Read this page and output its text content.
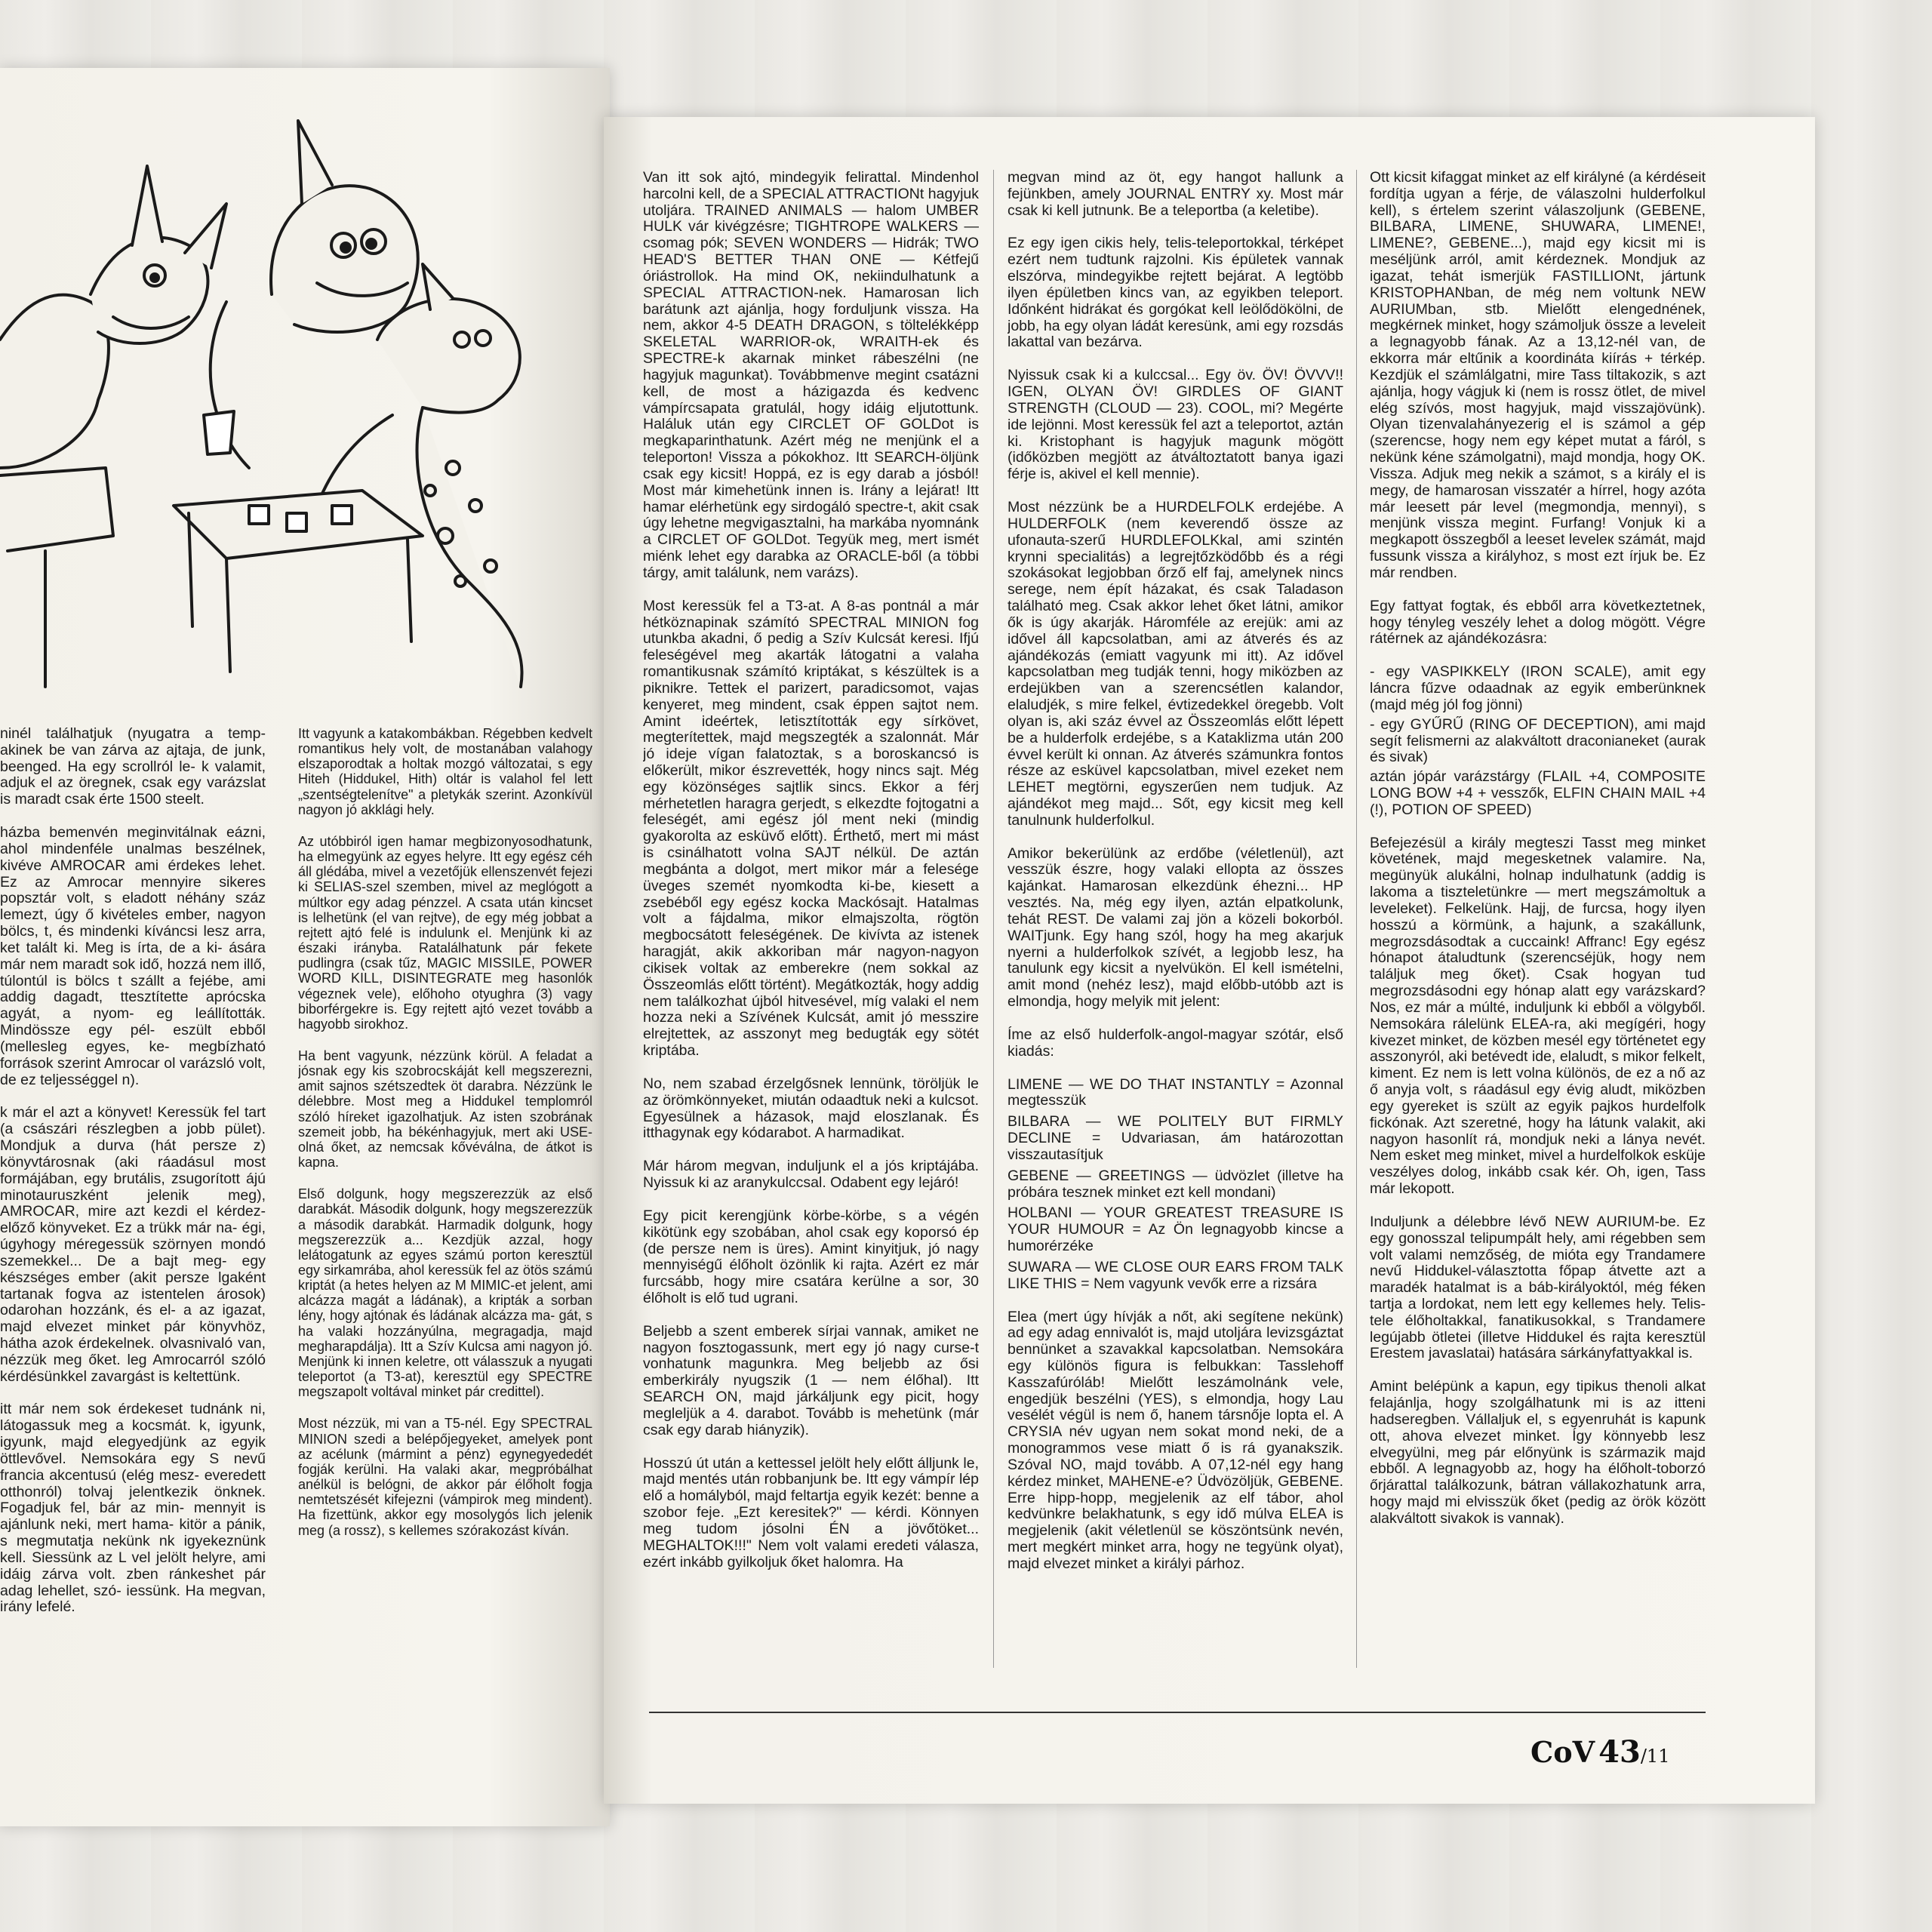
ninél találhatjuk (nyugatra a temp- akinek be van zárva az ajtaja, de junk, beenged. Ha egy scrollról le- k valamit, adjuk el az öregnek, csak egy varázslat is maradt csak érte 1500 steelt.

házba bemenvén meginvitálnak eázni, ahol mindenféle unalmas beszélnek, kivéve AMROCAR ami érdekes lehet. Ez az Amrocar mennyire sikeres popsztár volt, s eladott néhány száz lemezt, úgy ő kivételes ember, nagyon bölcs, t, és mindenki kíváncsi lesz arra, ket talált ki. Meg is írta, de a ki- ására már nem maradt sok idő, hozzá nem illő, túlontúl is bölcs t szállt a fejébe, ami addig dagadt, ttesztítette aprócska agyát, a nyom- eg leállították. Mindössze egy pél- eszült ebből (mellesleg egyes, ke- megbízható források szerint Amrocar ol varázsló volt, de ez teljességgel n).

k már el azt a könyvet! Keressük fel tart (a császári részlegben a jobb pület). Mondjuk a durva (hát persze z) könyvtárosnak (aki ráadásul most formájában, egy brutális, zsugorított ájú minotauruszként jelenik meg), AMROCAR, mire azt kezdi el kérdez- előző könyveket. Ez a trükk már na- égi, úgyhogy méregessük szörnyen mondó szemekkel... De a bajt meg- egy készséges ember (akit persze lgaként tartanak fogva az istentelen árosok) odarohan hozzánk, és el- a az igazat, majd elvezet minket pár könyvhöz, hátha azok érdekelnek. olvasnivaló van, nézzük meg őket. leg Amrocarról szóló kérdésünkkel zavargást is keltettünk.

itt már nem sok érdekeset tudnánk ni, látogassuk meg a kocsmát. k, igyunk, igyunk, majd elegyedjünk az egyik öttlevővel. Nemsokára egy S nevű francia akcentusú (elég mesz- everedett otthonról) tolvaj jelentkezik önknek. Fogadjuk fel, bár az min- mennyit is ajánlunk neki, mert hama- kitör a pánik, s megmutatja nekünk nk igyekeznünk kell. Siessünk az L vel jelölt helyre, ami idáig zárva volt. zben ránkeshet pár adag lehellet, szó- iessünk. Ha megvan, irány lefelé.

Itt vagyunk a katakombákban. Régebben kedvelt romantikus hely volt, de mostanában valahogy elszaporodtak a holtak mozgó változatai, s egy Hiteh (Hiddukel, Hith) oltár is valahol fel lett „szentségtelenítve" a pletykák szerint. Azonkívül nagyon jó akklági hely.

Az utóbbiról igen hamar megbizonyosodhatunk, ha elmegyünk az egyes helyre. Itt egy egész céh áll glédába, mivel a vezetőjük ellenszenvét fejezi ki SELIAS-szel szemben, mivel az meglógott a múltkor egy adag pénzzel. A csata után kincset is lelhetünk (el van rejtve), de egy még jobbat a rejtett ajtó felé is indulunk el. Menjünk ki az északi irányba. Ratalálhatunk pár fekete pudlingra (csak tűz, MAGIC MISSILE, POWER WORD KILL, DISINTEGRATE meg hasonlók végeznek vele), előhoho otyughra (3) vagy biborférgekre is. Egy rejtett ajtó vezet tovább a hagyobb sirokhoz.

Ha bent vagyunk, nézzünk körül. A feladat a jósnak egy kis szobrocskáját kell megszerezni, amit sajnos szétszedtek öt darabra. Nézzünk le délebbre. Most meg a Hiddukel templomról szóló híreket igazolhatjuk. Az isten szobrának szemeit jobb, ha békénhagyjuk, mert aki USE-olná őket, az nemcsak kővéválna, de átkot is kapna.

Első dolgunk, hogy megszerezzük az első darabkát. Második dolgunk, hogy megszerezzük a második darabkát. Harmadik dolgunk, hogy megszerezzük a... Kezdjük azzal, hogy lelátogatunk az egyes számú porton keresztül egy sirkamrába, ahol keressük fel az ötös számú kriptát (a hetes helyen az M MIMIC-et jelent, ami alcázza magát a ládának), a kripták a sorban lény, hogy ajtónak és ládának alcázza ma- gát, s ha valaki hozzányúlna, megragadja, majd megharapdálja). Itt a Szív Kulcsa ami nagyon jó. Menjünk ki innen keletre, ott válasszuk a nyugati teleportot (a T3-at), keresztül egy SPECTRE megszapolt voltával minket pár credittel).

Most nézzük, mi van a T5-nél. Egy SPECTRAL MINION szedi a belépőjegyeket, amelyek pont az acélunk (mármint a pénz) egynegyededét fogják kerülni. Ha valaki akar, megpróbálhat anélkül is belógni, de akkor pár élőholt fogja nemtetszését kifejezni (vámpirok meg mindent). Ha fizettünk, akkor egy mosolygós lich jelenik meg (a rossz), s kellemes szórakozást kíván.

Van itt sok ajtó, mindegyik felirattal. Mindenhol harcolni kell, de a SPECIAL ATTRACTIONt hagyjuk utoljára. TRAINED ANIMALS — halom UMBER HULK vár kivégzésre; TIGHTROPE WALKERS — csomag pók; SEVEN WONDERS — Hidrák; TWO HEAD'S BETTER THAN ONE — Kétfejű óriástrollok. Ha mind OK, nekiindulhatunk a SPECIAL ATTRACTION-nek. Hamarosan lich barátunk azt ajánlja, hogy forduljunk vissza. Ha nem, akkor 4-5 DEATH DRAGON, s töltelékképp SKELETAL WARRIOR-ok, WRAITH-ek és SPECTRE-k akarnak minket rábeszélni (ne hagyjuk magunkat). Továbbmenve megint csatázni kell, de most a házigazda és kedvenc vámpírcsapata gratulál, hogy idáig eljutottunk. Haláluk után egy CIRCLET OF GOLDot is megkaparinthatunk. Azért még ne menjünk el a teleporton! Vissza a pókokhoz. Itt SEARCH-öljünk csak egy kicsit! Hoppá, ez is egy darab a jósból! Most már kimehetünk innen is. Irány a lejárat! Itt hamar elérhetünk egy sirdogáló spectre-t, akit csak úgy lehetne megvigasztalni, ha markába nyomnánk a CIRCLET OF GOLDot. Tegyük meg, mert ismét miénk lehet egy darabka az ORACLE-ből (a többi tárgy, amit találunk, nem varázs).

Most keressük fel a T3-at. A 8-as pontnál a már hétköznapinak számító SPECTRAL MINION fog utunkba akadni, ő pedig a Szív Kulcsát keresi. Ifjú feleségével meg akarták látogatni a valaha romantikusnak számító kriptákat, s készültek is a piknikre. Tettek el parizert, paradicsomot, vajas kenyeret, meg mindent, csak éppen sajtot nem. Amint ideértek, letisztították egy sírkövet, megterítettek, majd megszegték a szalonnát. Már jó ideje vígan falatoztak, s a boroskancsó is előkerült, mikor észrevették, hogy nincs sajt. Még egy közönséges sajtlik sincs. Ekkor a férj mérhetetlen haragra gerjedt, s elkezdte fojtogatni a feleségét, ami egész jól ment neki (mindig gyakorolta az esküvő előtt). Érthető, mert mi mást is csinálhatott volna SAJT nélkül. De aztán megbánta a dolgot, mert mikor már a felesége üveges szemét nyomkodta ki-be, kiesett a zsebéből egy egész kocka Mackósajt. Hatalmas volt a fájdalma, mikor elmajszolta, rögtön megbocsátott feleségének. De kivívta az istenek haragját, akik akkoriban már nagyon-nagyon cikisek voltak az emberekre (nem sokkal az Összeomlás előtt történt). Megátkozták, hogy addig nem találkozhat újból hitvesével, míg valaki el nem hozza neki a Szívének Kulcsát, amit jó messzire elrejtettek, az asszonyt meg bedugták egy sötét kriptába.

No, nem szabad érzelgősnek lennünk, töröljük le az örömkönnyeket, miután odaadtuk neki a kulcsot. Egyesülnek a házasok, majd eloszlanak. És itthagynak egy kódarabot. A harmadikat.

Már három megvan, induljunk el a jós kriptájába. Nyissuk ki az aranykulccsal. Odabent egy lejáró!

Egy picit kerengjünk körbe-körbe, s a végén kikötünk egy szobában, ahol csak egy koporsó ép (de persze nem is üres). Amint kinyitjuk, jó nagy mennyiségű élőholt özönlik ki rajta. Azért ez már furcsább, hogy mire csatára kerülne a sor, 30 élőholt is elő tud ugrani.

Beljebb a szent emberek sírjai vannak, amiket ne nagyon fosztogassunk, mert egy jó nagy curse-t vonhatunk magunkra. Meg beljebb az ősi emberkirály nyugszik (1 — nem élőhal). Itt SEARCH ON, majd járkáljunk egy picit, hogy megleljük a 4. darabot. Tovább is mehetünk (már csak egy darab hiányzik).

Hosszú út után a kettessel jelölt hely előtt álljunk le, majd mentés után robbanjunk be. Itt egy vámpír lép elő a homályból, majd feltartja egyik kezét: benne a szobor feje. „Ezt keresitek?" — kérdi. Könnyen meg tudom jósolni ÉN a jövőtöket... MEGHALTOK!!!" Nem volt valami eredeti válasza, ezért inkább gyilkoljuk őket halomra. Ha

megvan mind az öt, egy hangot hallunk a fejünkben, amely JOURNAL ENTRY xy. Most már csak ki kell jutnunk. Be a teleportba (a keletibe).

Ez egy igen cikis hely, telis-teleportokkal, térképet ezért nem tudtunk rajzolni. Kis épületek vannak elszórva, mindegyikbe rejtett bejárat. A legtöbb ilyen épületben kincs van, az egyikben teleport. Időnként hidrákat és gorgókat kell leölődökölni, de jobb, ha egy olyan ládát keresünk, ami egy rozsdás lakattal van bezárva.

Nyissuk csak ki a kulccsal... Egy öv. ÖV! ÖVVV!! IGEN, OLYAN ÖV! GIRDLES OF GIANT STRENGTH (CLOUD — 23). COOL, mi? Megérte ide lejönni. Most keressük fel azt a teleportot, aztán ki. Kristophant is hagyjuk magunk mögött (időközben megjött az átváltoztatott banya igazi férje is, akivel el kell mennie).

Most nézzünk be a HURDELFOLK erdejébe. A HULDERFOLK (nem keverendő össze az ufonauta-szerű HURDLEFOLKkal, ami szintén krynni specialitás) a legrejtőzködőbb és a régi szokásokat legjobban őrző elf faj, amelynek nincs serege, nem épít házakat, és csak Taladason található meg. Csak akkor lehet őket látni, amikor ők is úgy akarják. Háromféle az erejük: ami az idővel áll kapcsolatban, ami az átverés és az ajándékozás (emiatt vagyunk mi itt). Az idővel kapcsolatban meg tudják tenni, hogy miközben az erdejükben van a szerencsétlen kalandor, elaludjék, s mire felkel, évtizedekkel öregebb. Volt olyan is, aki száz évvel az Összeomlás előtt lépett be a hulderfolk erdejébe, s a Kataklizma után 200 évvel került ki onnan. Az átverés számunkra fontos része az esküvel kapcsolatban, mivel ezeket nem LEHET megtörni, egyszerűen nem tudjuk. Az ajándékot meg majd... Sőt, egy kicsit meg kell tanulnunk hulderfolkul.

Amikor bekerülünk az erdőbe (véletlenül), azt vesszük észre, hogy valaki ellopta az összes kajánkat. Hamarosan elkezdünk éhezni... HP vesztés. Na, még egy ilyen, aztán elpatkolunk, tehát REST. De valami zaj jön a közeli bokorból. WAITjunk. Egy hang szól, hogy ha meg akarjuk nyerni a hulderfolkok szívét, a legjobb lesz, ha tanulunk egy kicsit a nyelvükön. El kell ismételni, amit mond (nehéz lesz), majd előbb-utóbb azt is elmondja, hogy melyik mit jelent:

Íme az első hulderfolk-angol-magyar szótár, első kiadás:

LIMENE — WE DO THAT INSTANTLY = Azonnal megtesszük

BILBARA — WE POLITELY BUT FIRMLY DECLINE = Udvariasan, ám határozottan visszautasítjuk

GEBENE — GREETINGS — üdvözlet (illetve ha próbára tesznek minket ezt kell mondani)

HOLBANI — YOUR GREATEST TREASURE IS YOUR HUMOUR = Az Ön legnagyobb kincse a humorérzéke

SUWARA — WE CLOSE OUR EARS FROM TALK LIKE THIS = Nem vagyunk vevők erre a rizsára

Elea (mert úgy hívják a nőt, aki segítene nekünk) ad egy adag ennivalót is, majd utoljára levizsgáztat bennünket a szavakkal kapcsolatban. Nemsokára egy különös figura is felbukkan: Tasslehoff Kasszafúróláb! Mielőtt leszámolnánk vele, engedjük beszélni (YES), s elmondja, hogy Lau vesélét végül is nem ő, hanem társnője lopta el. A CRYSIA név ugyan nem sokat mond neki, de a monogrammos vese miatt ő is rá gyanakszik. Szóval NO, majd tovább. A 07,12-nél egy hang kérdez minket, MAHENE-e? Üdvözöljük, GEBENE. Erre hipp-hopp, megjelenik az elf tábor, ahol kedvünkre belakhatunk, s egy idő múlva ELEA is megjelenik (akit véletlenül se köszöntsünk nevén, mert megkért minket arra, hogy ne tegyünk olyat), majd elvezet minket a királyi párhoz.

Ott kicsit kifaggat minket az elf királyné (a kérdéseit fordítja ugyan a férje, de válaszolni hulderfolkul kell), s értelem szerint válaszoljunk (GEBENE, BILBARA, LIMENE, SHUWARA, LIMENE!, LIMENE?, GEBENE...), majd egy kicsit mi is meséljünk arról, amit kérdeznek. Mondjuk az igazat, tehát ismerjük FASTILLIONt, jártunk KRISTOPHANban, de még nem voltunk NEW AURIUMban, stb. Mielőtt elengednének, megkérnek minket, hogy számoljuk össze a leveleit a legnagyobb fának. Az a 13,12-nél van, de ekkorra már eltűnik a koordináta kiírás + térkép. Kezdjük el számlálgatni, mire Tass tiltakozik, s azt ajánlja, hogy vágjuk ki (nem is rossz ötlet, de mivel elég szívós, most hagyjuk, majd visszajövünk). Olyan tizenvalahányezerig el is számol a gép (szerencse, hogy nem egy képet mutat a fáról, s nekünk kéne számolgatni), majd mondja, hogy OK. Vissza. Adjuk meg nekik a számot, s a király el is megy, de hamarosan visszatér a hírrel, hogy azóta már leesett pár level (megmondja, mennyi), s menjünk vissza megint. Furfang! Vonjuk ki a megkapott összegből a leeset leveleк számát, majd fussunk vissza a királyhoz, s most ezt írjuk be. Ez már rendben.

Egy fattyat fogtak, és ebből arra következtetnek, hogy tényleg veszély lehet a dolog mögött. Végre rátérnek az ajándékozásra:

- egy VASPIKKELY (IRON SCALE), amit egy láncra fűzve odaadnak az egyik emberünknek (majd még jól fog jönni)

- egy GYŰRŰ (RING OF DECEPTION), ami majd segít felismerni az alakváltott draconianeket (aurak és sivak)

aztán jópár varázstárgy (FLAIL +4, COMPOSITE LONG BOW +4 + vesszők, ELFIN CHAIN MAIL +4 (!), POTION OF SPEED)

Befejezésül a király megteszi Tasst meg minket követének, majd megesketnek valamire. Na, megünyük alukálni, holnap indulhatunk (addig is lakoma a tiszteletünkre — mert megszámoltuk a leveleket). Felkelünk. Hajj, de furcsa, hogy ilyen hosszú a körmünk, a hajunk, a szakállunk, megrozsdásodtak a cuccaink! Affranc! Egy egész hónapot átaludtunk (szerencséjük, hogy nem találjuk meg őket). Csak hogyan tud megrozsdásodni egy hónap alatt egy varázskard? Nos, ez már a múlté, induljunk ki ebből a völgyből. Nemsokára rálelünk ELEA-ra, aki megígéri, hogy kivezet minket, de közben mesél egy történetet egy asszonyról, aki betévedt ide, elaludt, s mikor felkelt, kiment. Ez nem is lett volna különös, de ez a nő az ő anyja volt, s ráadásul egy évig aludt, miközben egy gyereket is szült az egyik pajkos hurdelfolk fickónak. Azt szeretné, hogy ha látunk valakit, aki nagyon hasonlít rá, mondjuk neki a lánya nevét. Nem esket meg minket, mivel a hurdelfolkok esküje veszélyes dolog, inkább csak kér. Oh, igen, Tass már lekopott.

Induljunk a délebbre lévő NEW AURIUM-be. Ez egy gonosszal telipumpált hely, ami régebben sem volt valami nemzőség, de mióta egy Trandamere nevű Hiddukel-választotta főpap átvette azt a maradék hatalmat is a báb-királyoktól, még féken tartja a lordokat, nem lett egy kellemes hely. Telis-tele élőholtakkal, fanatikusokkal, s Trandamere legújabb ötletei (illetve Hiddukel és rajta keresztül Erestem javaslatai) hatására sárkányfattyakkal is.

Amint belépünk a kapun, egy tipikus thenoli alkat felajánlja, hogy szolgálhatunk mi is az itteni hadseregben. Vállaljuk el, s egyenruhát is kapunk ott, ahova elvezet minket. Így könnyebb lesz elvegyülni, meg pár előnyünk is származik majd ebből. A legnagyobb az, hogy ha élőholt-toborzó őrjárattal találkozunk, bátran vállakozhatunk arra, hogy majd mi elvisszük őket (pedig az örök között alakváltott sivakok is vannak).

CoV 43/11
